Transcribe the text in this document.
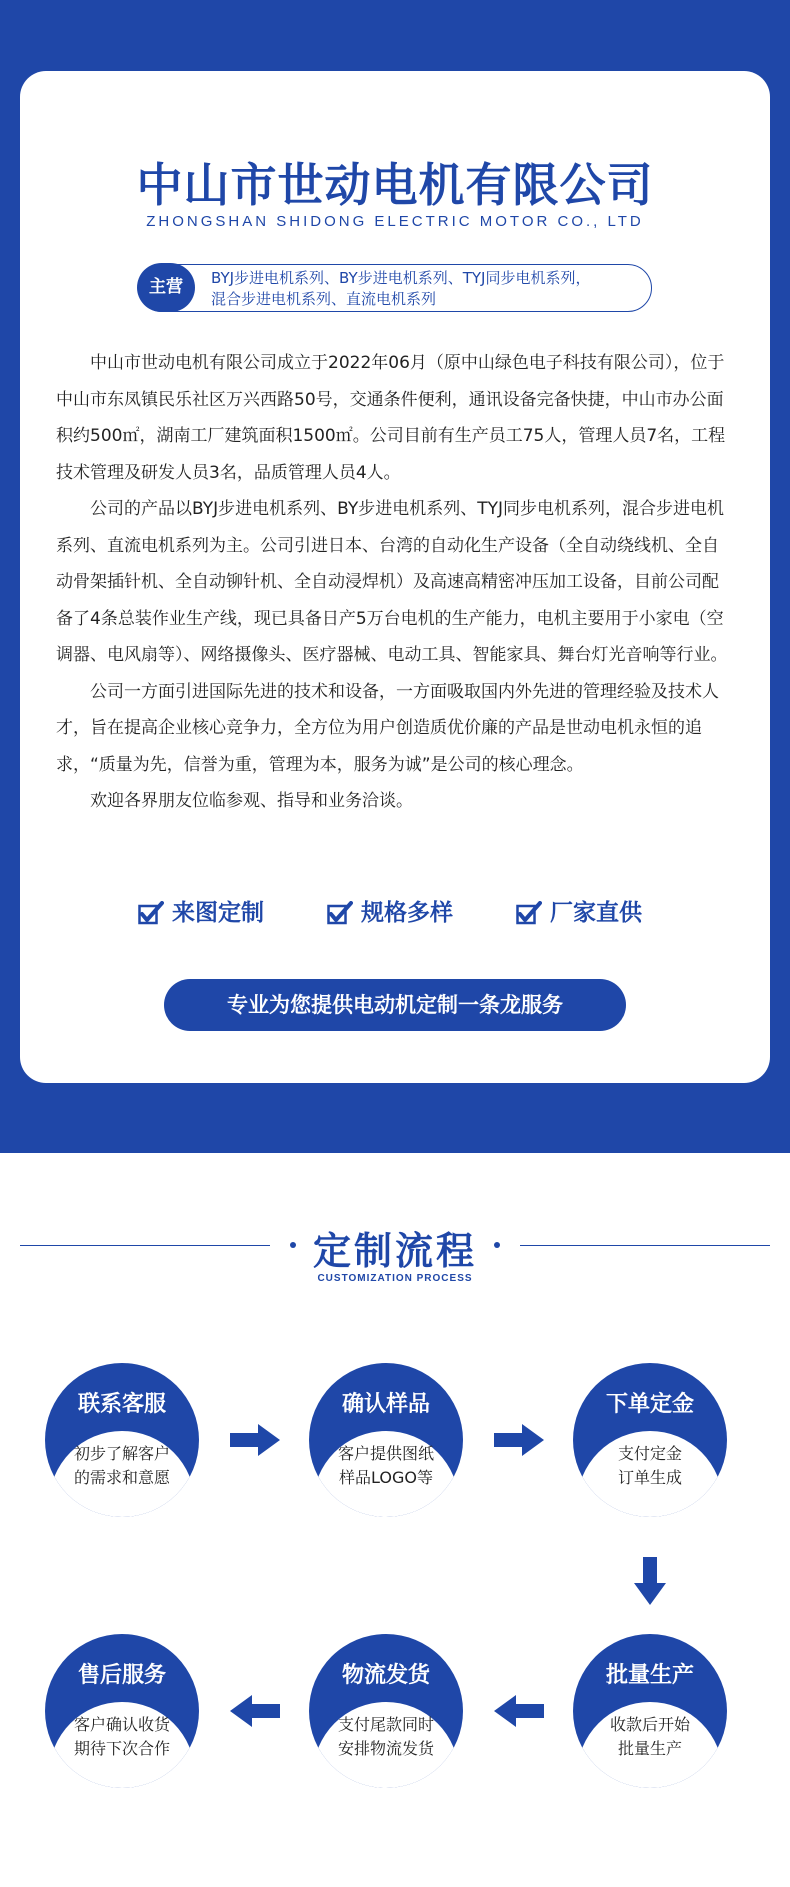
中山市世动电机有限公司
ZHONGSHAN SHIDONG ELECTRIC MOTOR CO., LTD
主营	BYJ步进电机系列、BY步进电机系列、TYJ同步电机系列，
混合步进电机系列、直流电机系列

中山市世动电机有限公司成立于2022年06月（原中山绿色电子科技有限公司），位于中山市东凤镇民乐社区万兴西路50号，交通条件便利，通讯设备完备快捷，中山市办公面积约500㎡，湖南工厂建筑面积1500㎡。公司目前有生产员工75人，管理人员7名，工程技术管理及研发人员3名，品质管理人员4人。

公司的产品以BYJ步进电机系列、BY步进电机系列、TYJ同步电机系列，混合步进电机系列、直流电机系列为主。公司引进日本、台湾的自动化生产设备（全自动绕线机、全自动骨架插针机、全自动铆针机、全自动浸焊机）及高速高精密冲压加工设备，目前公司配备了4条总装作业生产线，现已具备日产5万台电机的生产能力，电机主要用于小家电（空调器、电风扇等）、网络摄像头、医疗器械、电动工具、智能家具、舞台灯光音响等行业。

公司一方面引进国际先进的技术和设备，一方面吸取国内外先进的管理经验及技术人才，旨在提高企业核心竞争力，全方位为用户创造质优价廉的产品是世动电机永恒的追求，“质量为先，信誉为重，管理为本，服务为诚”是公司的核心理念。

欢迎各界朋友位临参观、指导和业务洽谈。

来图定制	规格多样	厂家直供
专业为您提供电动机定制一条龙服务
定制流程
CUSTOMIZATION PROCESS
联系客服
初步了解客户
的需求和意愿
确认样品
客户提供图纸
样品LOGO等
下单定金
支付定金
订单生成
售后服务
客户确认收货
期待下次合作
物流发货
支付尾款同时
安排物流发货
批量生产
收款后开始
批量生产
